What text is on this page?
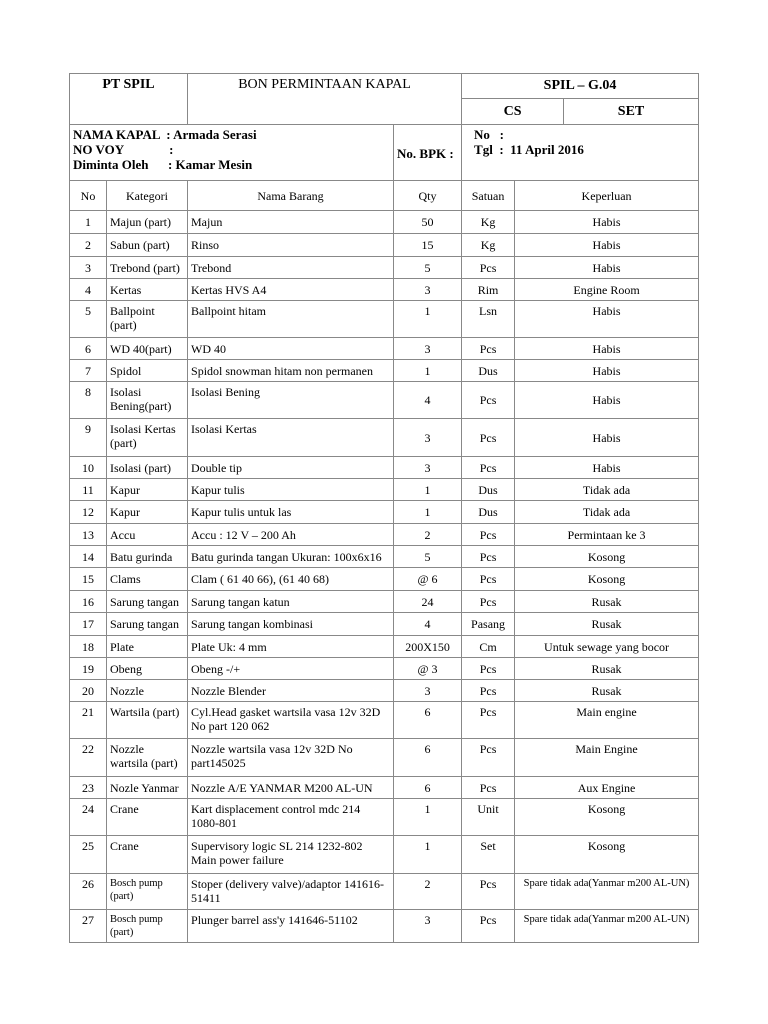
PT SPIL		BON PERMINTAAN KAPAL		SPIL – G.04		
				CS		SET

NAMA KAPAL  : Armada Serasi
NO VOY              :
Diminta Oleh      : Kamar Mesin			No. BPK :	No   :
Tgl  :  11 April 2016		

No	Kategori	Nama Barang	Qty	Satuan	Keperluan	
1	Majun (part)	Majun	50	Kg	Habis	
2	Sabun (part)	Rinso	15	Kg	Habis	
3	Trebond (part)	Trebond	5	Pcs	Habis	
4	Kertas	Kertas HVS A4	3	Rim	Engine Room	
5	Ballpoint (part)	Ballpoint hitam	1	Lsn	Habis	
6	WD 40(part)	WD 40	3	Pcs	Habis	
7	Spidol	Spidol snowman hitam non permanen	1	Dus	Habis	
8	Isolasi Bening(part)	Isolasi Bening	4	Pcs	Habis	
9	Isolasi Kertas (part)	Isolasi Kertas	3	Pcs	Habis	
10	Isolasi (part)	Double tip	3	Pcs	Habis	
11	Kapur	Kapur tulis	1	Dus	Tidak ada	
12	Kapur	Kapur tulis untuk las	1	Dus	Tidak ada	
13	Accu	Accu : 12 V – 200 Ah	2	Pcs	Permintaan ke 3	
14	Batu gurinda	Batu gurinda tangan Ukuran: 100x6x16	5	Pcs	Kosong	
15	Clams	Clam ( 61 40 66), (61 40 68)	@ 6	Pcs	Kosong	
16	Sarung tangan	Sarung tangan katun	24	Pcs	Rusak	
17	Sarung tangan	Sarung tangan kombinasi	4	Pasang	Rusak	
18	Plate	Plate Uk: 4 mm	200X150	Cm	Untuk sewage yang bocor	
19	Obeng	Obeng -/+	@ 3	Pcs	Rusak	
20	Nozzle	Nozzle Blender	3	Pcs	Rusak	
21	Wartsila (part)	Cyl.Head gasket wartsila vasa 12v 32D No part 120 062	6	Pcs	Main engine	
22	Nozzle wartsila (part)	Nozzle wartsila vasa 12v 32D No part145025	6	Pcs	Main Engine	
23	Nozle Yanmar	Nozzle A/E YANMAR M200 AL-UN	6	Pcs	Aux Engine	
24	Crane	Kart displacement control mdc 214 1080-801	1	Unit	Kosong	
25	Crane	Supervisory logic SL 214 1232-802 Main power failure	1	Set	Kosong	
26	Bosch pump (part)	Stoper (delivery valve)/adaptor 141616-51411	2	Pcs	Spare tidak ada(Yanmar m200 AL-UN)	
27	Bosch pump (part)	Plunger barrel ass'y 141646-51102	3	Pcs	Spare tidak ada(Yanmar m200 AL-UN)	
